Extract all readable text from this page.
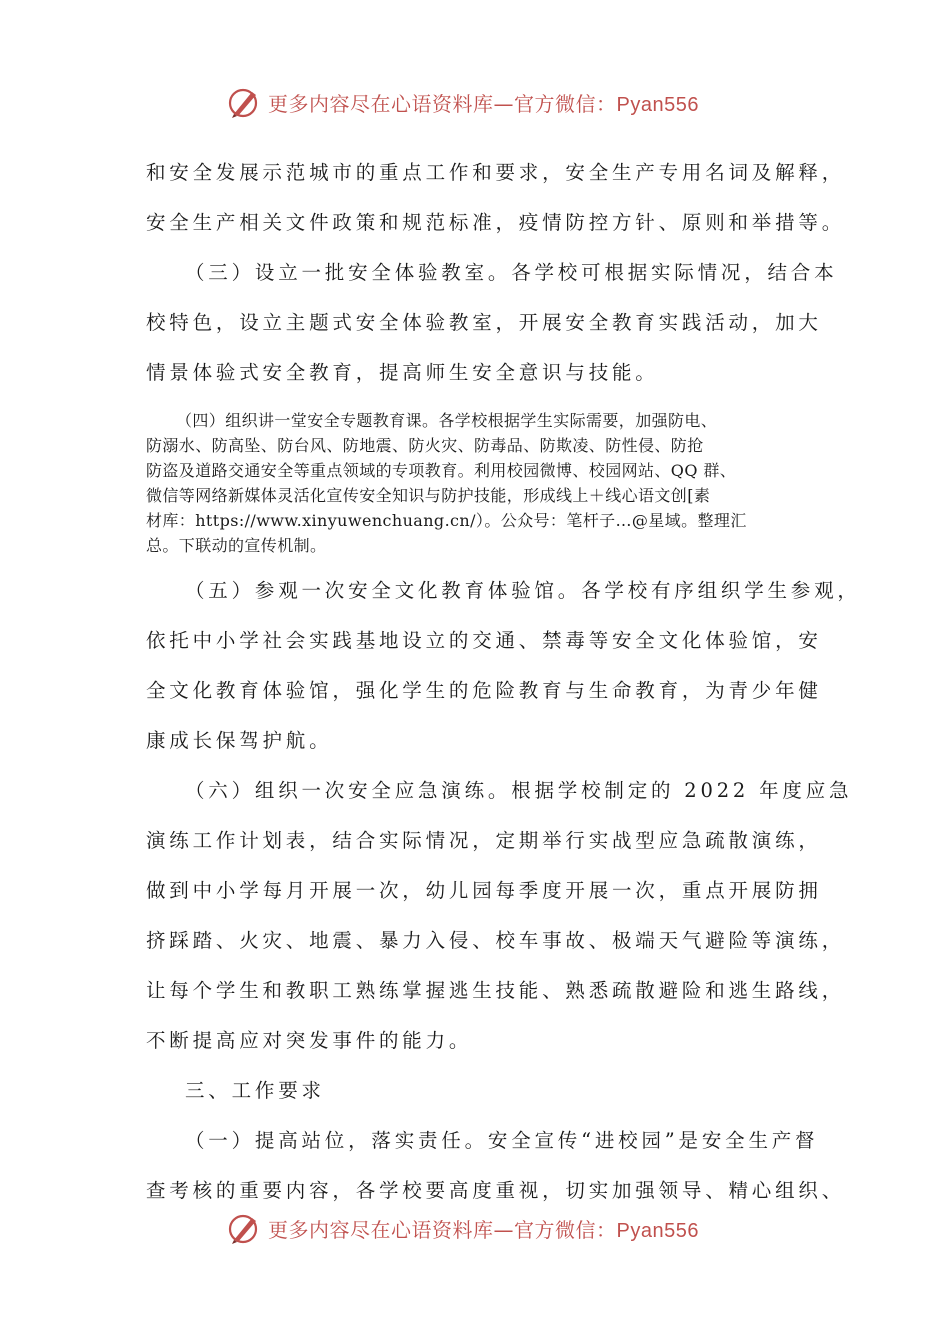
更多内容尽在心语资料库—官方微信：Pyan556
和安全发展示范城市的重点工作和要求，安全生产专用名词及解释，
安全生产相关文件政策和规范标准，疫情防控方针、原则和举措等。
（三）设立一批安全体验教室。各学校可根据实际情况，结合本
校特色，设立主题式安全体验教室，开展安全教育实践活动，加大
情景体验式安全教育，提高师生安全意识与技能。
（四）组织讲一堂安全专题教育课。各学校根据学生实际需要，加强防电、
防溺水、防高坠、防台风、防地震、防火灾、防毒品、防欺凌、防性侵、防抢
防盗及道路交通安全等重点领域的专项教育。利用校园微博、校园网站、QQ 群、
微信等网络新媒体灵活化宣传安全知识与防护技能，形成线上＋线心语文创[素
材库：https://www.xinyuwenchuang.cn/）。公众号：笔杆子…@星域。整理汇
总。下联动的宣传机制。
（五）参观一次安全文化教育体验馆。各学校有序组织学生参观，
依托中小学社会实践基地设立的交通、禁毒等安全文化体验馆，安
全文化教育体验馆，强化学生的危险教育与生命教育，为青少年健
康成长保驾护航。
（六）组织一次安全应急演练。根据学校制定的 2022 年度应急
演练工作计划表，结合实际情况，定期举行实战型应急疏散演练，
做到中小学每月开展一次，幼儿园每季度开展一次，重点开展防拥
挤踩踏、火灾、地震、暴力入侵、校车事故、极端天气避险等演练，
让每个学生和教职工熟练掌握逃生技能、熟悉疏散避险和逃生路线，
不断提高应对突发事件的能力。
三、工作要求
（一）提高站位，落实责任。安全宣传“进校园”是安全生产督
查考核的重要内容，各学校要高度重视，切实加强领导、精心组织、
更多内容尽在心语资料库—官方微信：Pyan556
